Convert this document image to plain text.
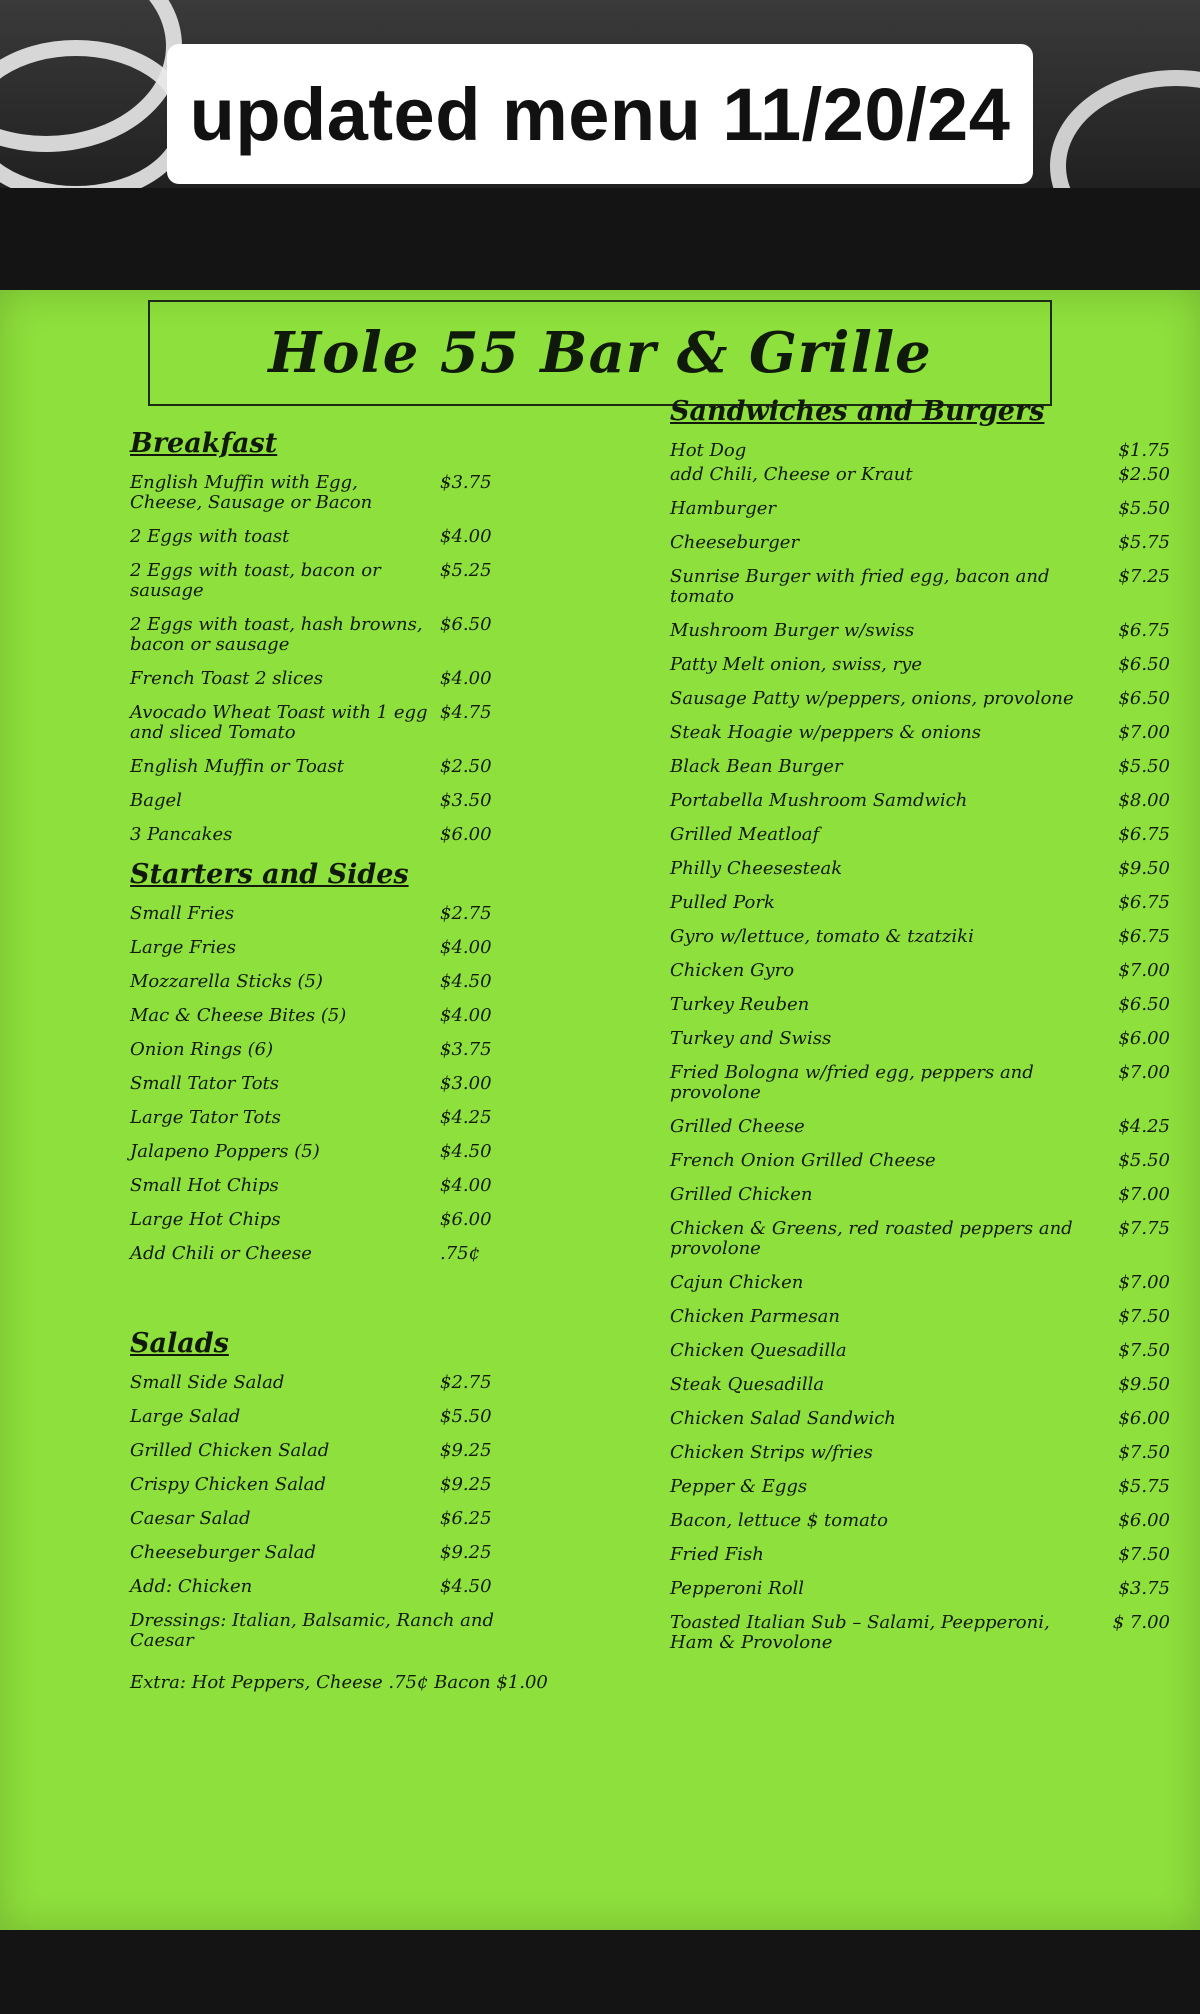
updated menu 11/20/24
Hole 55 Bar & Grille
Breakfast
English Muffin with Egg, Cheese, Sausage or Bacon
$3.75
2 Eggs with toast	$4.00
2 Eggs with toast, bacon or sausage
$5.25
2 Eggs with toast, hash browns, bacon or sausage
$6.50
French Toast 2 slices	$4.00
Avocado Wheat Toast with 1 egg and sliced Tomato
$4.75
English Muffin or Toast	$2.50
Bagel	$3.50
3 Pancakes	$6.00
Starters and Sides
Small Fries	$2.75
Large Fries	$4.00
Mozzarella Sticks (5)	$4.50
Mac & Cheese Bites (5)	$4.00
Onion Rings (6)	$3.75
Small Tator Tots	$3.00
Large Tator Tots	$4.25
Jalapeno Poppers (5)	$4.50
Small Hot Chips	$4.00
Large Hot Chips	$6.00
Add Chili or Cheese	.75¢
Salads
Small Side Salad	$2.75
Large Salad	$5.50
Grilled Chicken Salad	$9.25
Crispy Chicken Salad	$9.25
Caesar Salad	$6.25
Cheeseburger Salad	$9.25
Add: Chicken	$4.50
Dressings: Italian, Balsamic, Ranch and Caesar
Extra: Hot Peppers, Cheese .75¢ Bacon $1.00
Sandwiches and Burgers
Hot Dog	$1.75
add Chili, Cheese or Kraut	$2.50
Hamburger	$5.50
Cheeseburger	$5.75
Sunrise Burger with fried egg, bacon and tomato
$7.25
Mushroom Burger w/swiss	$6.75
Patty Melt onion, swiss, rye	$6.50
Sausage Patty w/peppers, onions, provolone	$6.50
Steak Hoagie w/peppers & onions	$7.00
Black Bean Burger	$5.50
Portabella Mushroom Samdwich	$8.00
Grilled Meatloaf	$6.75
Philly Cheesesteak	$9.50
Pulled Pork	$6.75
Gyro w/lettuce, tomato & tzatziki	$6.75
Chicken Gyro	$7.00
Turkey Reuben	$6.50
Turkey and Swiss	$6.00
Fried Bologna w/fried egg, peppers and provolone
$7.00
Grilled Cheese	$4.25
French Onion Grilled Cheese	$5.50
Grilled Chicken	$7.00
Chicken & Greens, red roasted peppers and provolone
$7.75
Cajun Chicken	$7.00
Chicken Parmesan	$7.50
Chicken Quesadilla	$7.50
Steak Quesadilla	$9.50
Chicken Salad Sandwich	$6.00
Chicken Strips w/fries	$7.50
Pepper & Eggs	$5.75
Bacon, lettuce $ tomato	$6.00
Fried Fish	$7.50
Pepperoni Roll	$3.75
Toasted Italian Sub – Salami, Peepperoni, Ham & Provolone
$ 7.00
